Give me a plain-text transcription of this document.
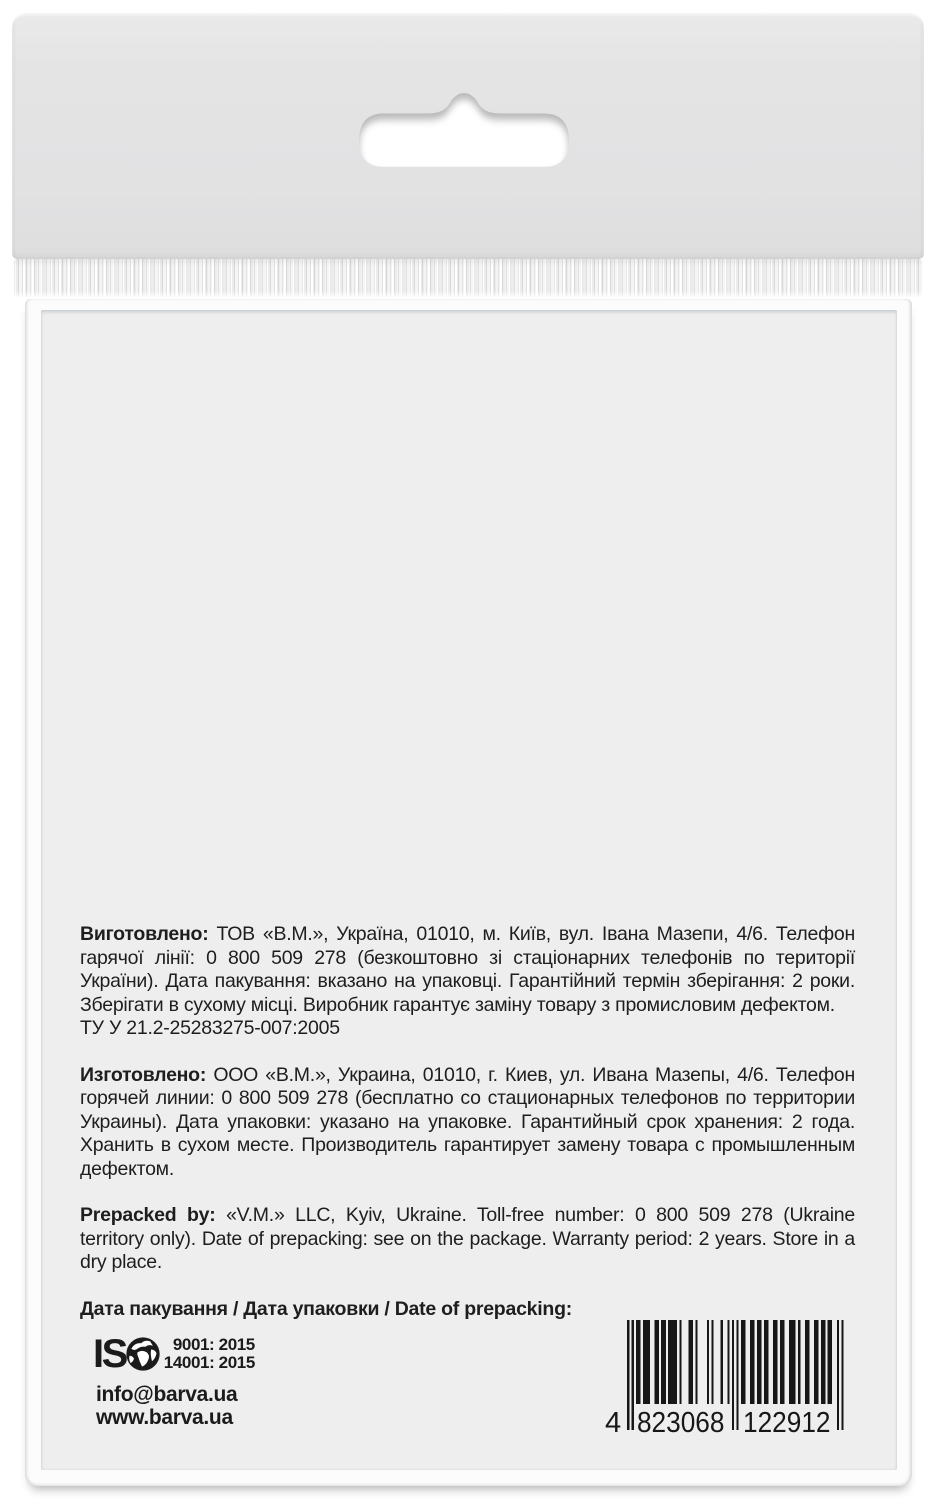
Виготовлено: ТОВ «В.М.», Україна, 01010, м. Київ, вул. Івана Мазепи, 4/6. Телефон гарячої лінії: 0 800 509 278 (безкоштовно зі стаціонарних телефонів по території України). Дата пакування: вказано на упаковці. Гарантійний термін зберігання: 2 роки. Зберігати в сухому місці. Виробник гарантує заміну товару з промисловим дефектом.

ТУ У 21.2-25283275-007:2005

Изготовлено: ООО «В.М.», Украина, 01010, г. Киев, ул. Ивана Мазепы, 4/6. Телефон горячей линии: 0 800 509 278 (бесплатно со стационарных телефонов по территории Украины). Дата упаковки: указано на упаковке. Гарантийный срок хранения: 2 года. Хранить в сухом месте. Производитель гарантирует замену товара с промышленным дефектом.

Prepacked by: «V.M.» LLC, Kyiv, Ukraine. Toll-free number: 0 800 509 278 (Ukraine territory only). Date of prepacking: see on the package. Warranty period: 2 years. Store in a dry place.

Дата пакування / Дата упаковки / Date of prepacking:
IS	9001: 2015
14001: 2015
info@barva.ua
www.barva.ua	4 823068 122912
